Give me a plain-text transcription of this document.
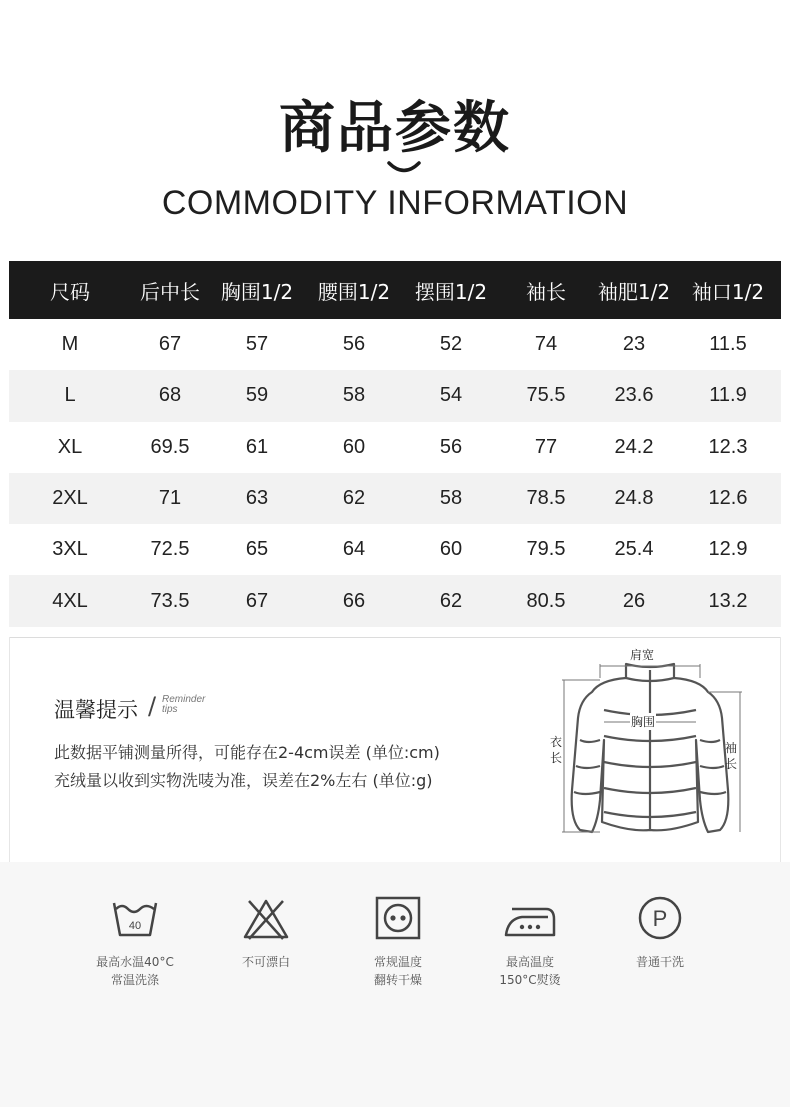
商品参数
COMMODITY INFORMATION
尺码	后中长	胸围1/2	腰围1/2	摆围1/2	袖长	袖肥1/2	袖口1/2
M	67	57	56	52	74	23	11.5
L	68	59	58	54	75.5	23.6	11.9
XL	69.5	61	60	56	77	24.2	12.3
2XL	71	63	62	58	78.5	24.8	12.6
3XL	72.5	65	64	60	79.5	25.4	12.9
4XL	73.5	67	66	62	80.5	26	13.2
温馨提示 / Reminder
tips
此数据平铺测量所得，可能存在2-4cm误差 (单位:cm)
充绒量以收到实物洗唛为准，误差在2%左右 (单位:g)
肩宽
胸围
衣长
袖长
40
最高水温40°C
常温洗涤
不可漂白	常规温度
翻转干燥
最高温度
150°C熨烫
P
普通干洗
